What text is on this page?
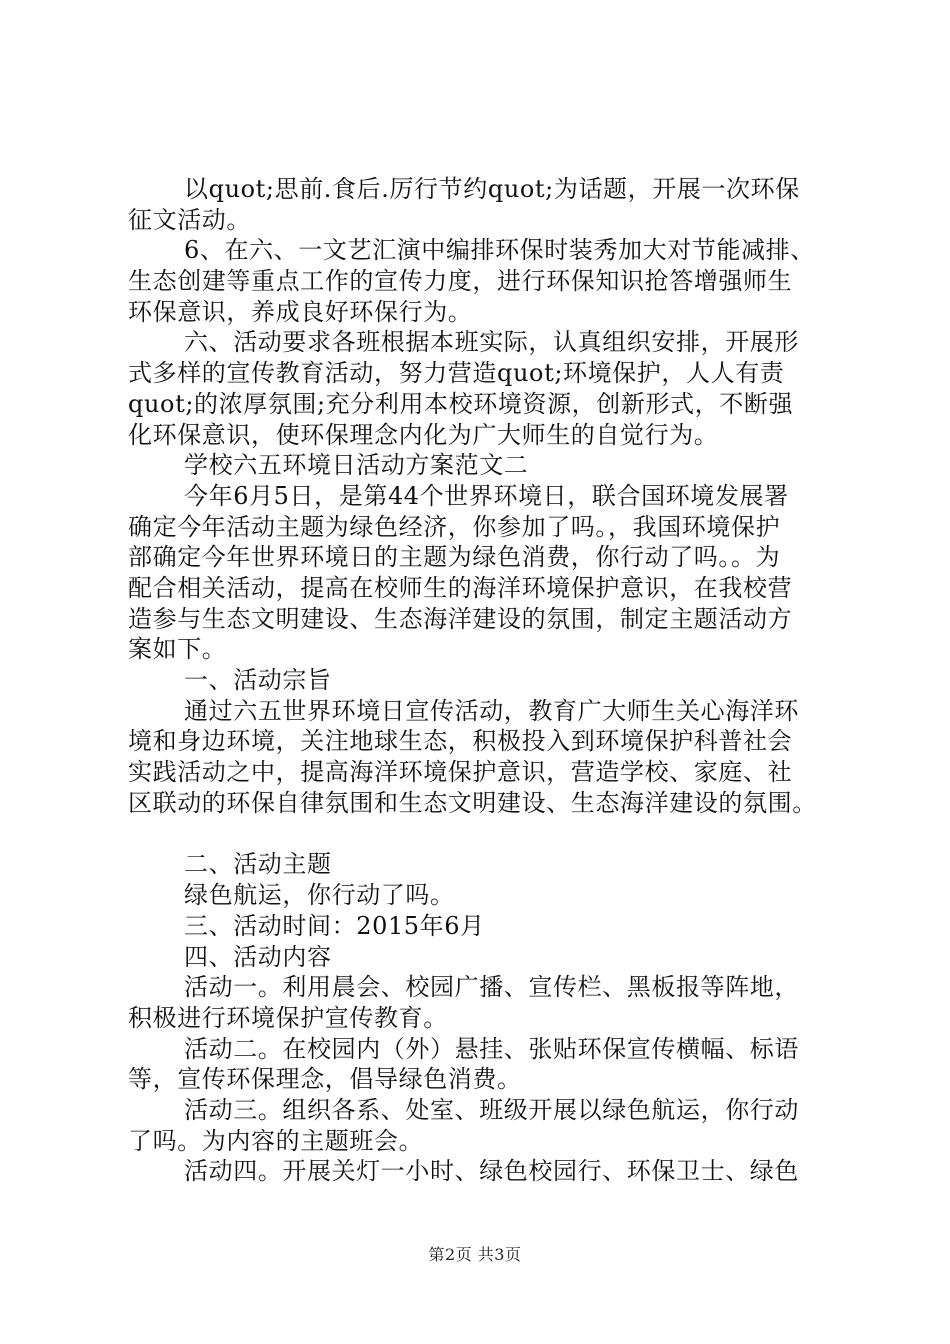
以quot;思前.食后.厉行节约quot;为话题，开展一次环保
征文活动。
6、在六、一文艺汇演中编排环保时装秀加大对节能减排、
生态创建等重点工作的宣传力度，进行环保知识抢答增强师生
环保意识，养成良好环保行为。
六、活动要求各班根据本班实际，认真组织安排，开展形
式多样的宣传教育活动，努力营造quot;环境保护，人人有责
quot;的浓厚氛围;充分利用本校环境资源，创新形式，不断强
化环保意识，使环保理念内化为广大师生的自觉行为。
学校六五环境日活动方案范文二
今年6月5日，是第44个世界环境日，联合国环境发展署
确定今年活动主题为绿色经济，你参加了吗。，我国环境保护
部确定今年世界环境日的主题为绿色消费，你行动了吗。。为
配合相关活动，提高在校师生的海洋环境保护意识，在我校营
造参与生态文明建设、生态海洋建设的氛围，制定主题活动方
案如下。
一、活动宗旨
通过六五世界环境日宣传活动，教育广大师生关心海洋环
境和身边环境，关注地球生态，积极投入到环境保护科普社会
实践活动之中，提高海洋环境保护意识，营造学校、家庭、社
区联动的环保自律氛围和生态文明建设、生态海洋建设的氛围。
二、活动主题
绿色航运，你行动了吗。
三、活动时间：2015年6月
四、活动内容
活动一。利用晨会、校园广播、宣传栏、黑板报等阵地，
积极进行环境保护宣传教育。
活动二。在校园内（外）悬挂、张贴环保宣传横幅、标语
等，宣传环保理念，倡导绿色消费。
活动三。组织各系、处室、班级开展以绿色航运，你行动
了吗。为内容的主题班会。
活动四。开展关灯一小时、绿色校园行、环保卫士、绿色
第2页 共3页
